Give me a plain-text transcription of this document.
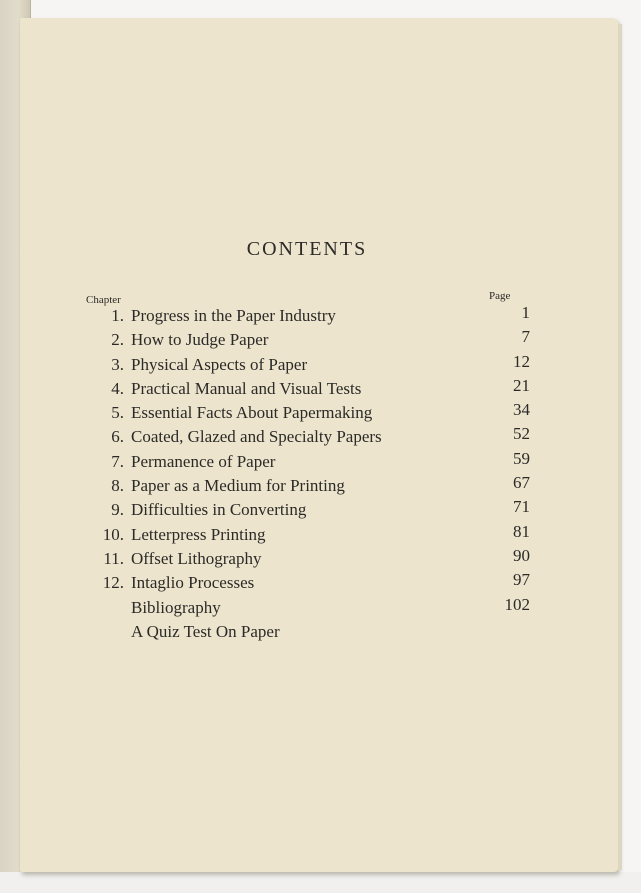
CONTENTS
Chapter	Page
1. Progress in the Paper Industry	1
2. How to Judge Paper	7
3. Physical Aspects of Paper	12
4. Practical Manual and Visual Tests	21
5. Essential Facts About Papermaking	34
6. Coated, Glazed and Specialty Papers	52
7. Permanence of Paper	59
8. Paper as a Medium for Printing	67
9. Difficulties in Converting	71
10. Letterpress Printing	81
11. Offset Lithography	90
12. Intaglio Processes	97
Bibliography	102
A Quiz Test On Paper
